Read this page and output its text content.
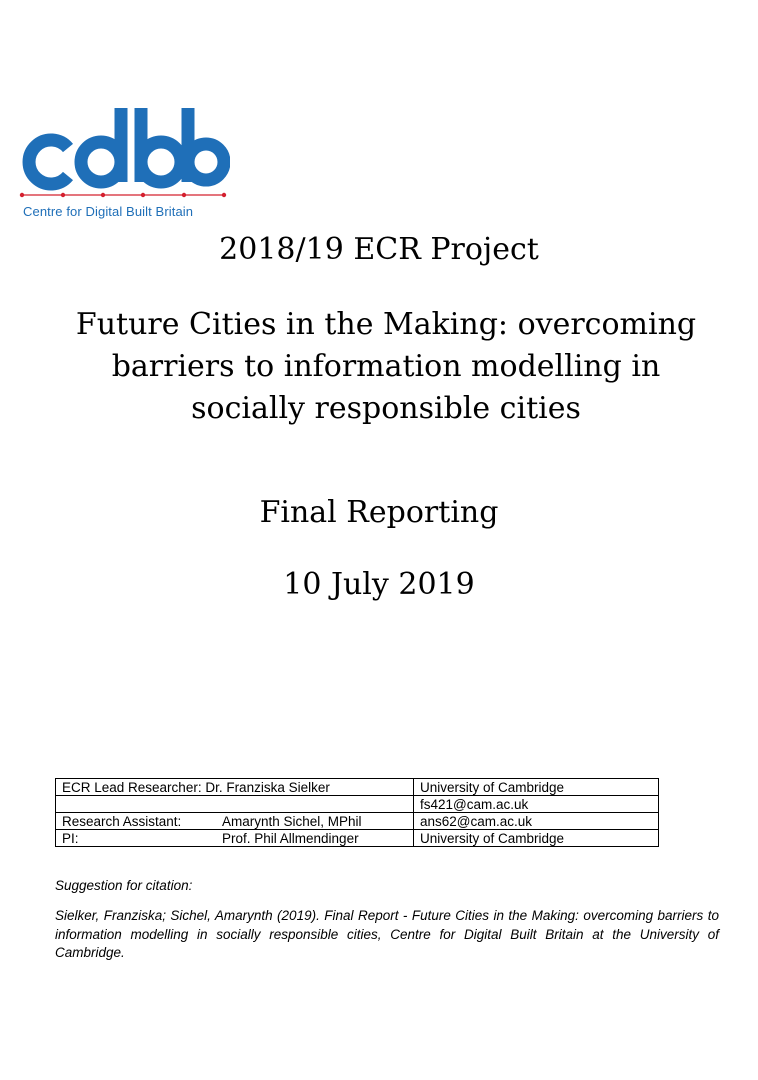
Centre for Digital Built Britain
2018/19 ECR Project
Future Cities in the Making: overcoming barriers to information modelling in socially responsible cities
Final Reporting
10 July 2019
ECR Lead Researcher: Dr. Franziska Sielker	University of Cambridge
	fs421@cam.ac.uk

Research Assistant: Amarynth Sichel, MPhil	ans62@cam.ac.uk

PI: Prof. Phil Allmendinger	University of Cambridge
Suggestion for citation:
Sielker, Franziska; Sichel, Amarynth (2019). Final Report - Future Cities in the Making: overcoming barriers to information modelling in socially responsible cities, Centre for Digital Built Britain at the University of Cambridge.
